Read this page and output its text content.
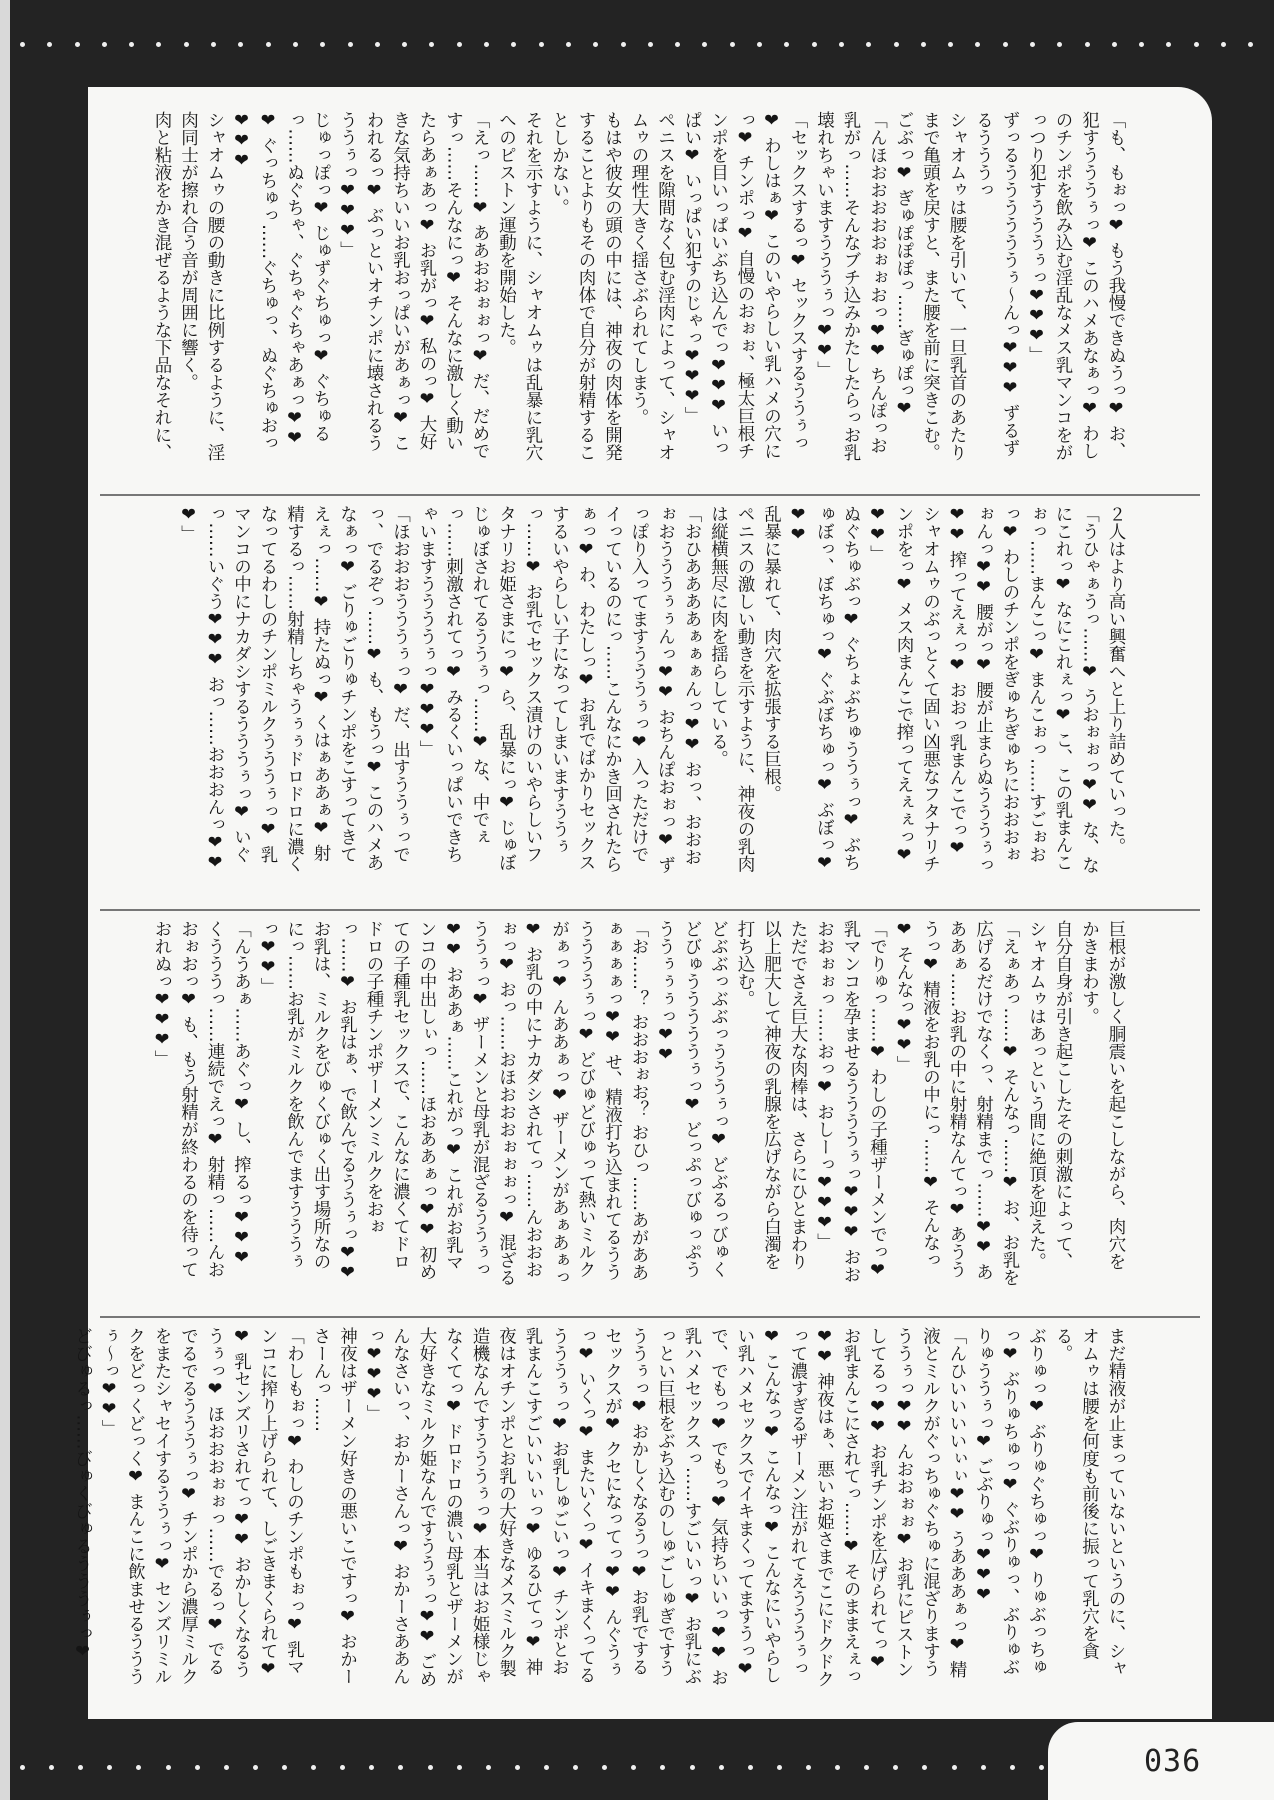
「も、もぉっ❤ もう我慢できぬうっ❤ お、犯すうううぅっ❤ このハメあなぁっ❤ わしのチンポを飲み込む淫乱なメス乳マンコをがっつり犯すうううぅっ❤❤❤」
ずっるううううううぅ〜んっ❤❤❤ ずるずるうううっ
シャオムゥは腰を引いて、一旦乳首のあたりまで亀頭を戻すと、また腰を前に突きこむ。
ごぶっ❤ ぎゅぽぽぽっ……ぎゅぽっ❤
「んほおおおおおぉぉおっ❤❤ ちんぽっお乳がっ……そんなブチ込みかたしたらっお乳壊れちゃいますうううぅっ❤❤」
「セックスするっ❤ セックスするううぅっ❤ わしはぁ❤ このいやらしい乳ハメの穴にっ❤ チンポっ❤ 自慢のおぉぉ、極太巨根チンポを目いっぱいぶち込んでっ❤❤❤ いっぱい❤ いっぱい犯すのじゃっ❤❤❤」
ペニスを隙間なく包む淫肉によって、シャオムゥの理性大きく揺さぶられてしまう。
もはや彼女の頭の中には、神夜の肉体を開発することよりもその肉体で自分が射精することしかない。
それを示すように、シャオムゥは乱暴に乳穴へのピストン運動を開始した。
「えっ……❤ ああおおぉぉっ❤ だ、だめですっ……そんなにっ❤ そんなに激しく動いたらあぁあっ❤ お乳がっ❤ 私のっ❤ 大好きな気持ちいいお乳おっぱいがあぁっ❤ こわれるっ❤ ぶっといオチンポに壊されるうううぅっ❤❤❤」
じゅっぽっ❤ じゅずぐちゅっ❤ ぐちゅるっ……ぬぐちゃ、ぐちゃぐちゃあぁっ❤❤❤ ぐっちゅっ……ぐちゅっ、ぬぐちゅおっ❤❤❤
シャオムゥの腰の動きに比例するように、淫肉同士が擦れ合う音が周囲に響く。
肉と粘液をかき混ぜるような下品なそれに、

２人はより高い興奮へと上り詰めていった。
「うひゃぁうっ……❤ うおぉぉっ❤❤ な、なにこれっ❤ なにこれぇっ❤ こ、この乳まんこぉっ……まんこっ❤ まんこぉっ……すごぉおっ❤ わしのチンポをぎゅちぎゅちにおおおぉぉんっ❤❤ 腰がっ❤ 腰が止まらぬうううぅっ❤❤ 搾ってえぇっ❤ おおっ乳まんこでっ❤ シャオムゥのぶっとくて固い凶悪なフタナリチンポをっ❤ メス肉まんこで搾ってえぇぇっ❤❤❤」
ぬぐちゅぶっ❤ ぐちょぶちゅううぅっ❤ ぶちゅぼっ、ぼちゅっ❤ ぐぶぼちゅっ❤ ぶぼっ❤❤❤
乱暴に暴れて、肉穴を拡張する巨根。
ペニスの激しい動きを示すように、神夜の乳肉は縦横無尽に肉を揺らしている。
「おひああああぁぁぁんっ❤❤ おっ、おおおぉおうううぅぅんっ❤❤ おちんぽおぉっ❤ ずっぽり入ってますうううぅっ❤ 入っただけでイっているのにっ……こんなにかき回されたらぁっ❤ わ、わたしっ❤ お乳でばかりセックスするいやらしい子になってしまいますううぅっ……❤ お乳でセックス漬けのいやらしいフタナリお姫さまにっ❤ ら、乱暴にっ❤ じゅぼじゅぼされてるううぅっ……❤ な、中でぇっ……刺激されてっ❤ みるくいっぱいできちゃいますううううぅっ❤❤❤」
「ほおおおうううぅっ❤ だ、出すううぅっでっ、でるぞっ……❤ も、もうっ❤ このハメあなぁっ❤ ごりゅごりゅチンポをこすってきてえぇっ……❤ 持たぬっ❤ くはぁああぁ❤ 射精するっ……射精しちゃうぅぅドロドロに濃くなってるわしのチンポミルクうううぅっ❤ 乳マンコの中にナカダシするうううぅっ❤ いぐっ……いぐう❤❤❤ おっ……おおおんっ❤❤❤」

巨根が激しく胴震いを起こしながら、肉穴をかきまわす。
自分自身が引き起こしたその刺激によって、シャオムゥはあっという間に絶頂を迎えた。
「えぁあっ……❤ そんなっ……❤ お、お乳を広げるだけでなくっ、射精までっ……❤❤ あああぁ……お乳の中に射精なんてっ❤ あうううっ❤ 精液をお乳の中にっ……❤ そんなっ❤ そんなっ❤❤」
「でりゅっ……❤ わしの子種ザーメンでっ❤ 乳マンコを孕ませるううううぅっ❤❤❤ おおおおぉぉっ……おっ❤ おしーっ❤❤❤」
ただでさえ巨大な肉棒は、さらにひとまわり以上肥大して神夜の乳腺を広げながら白濁を打ち込む。
どぶぶっぶぶっうううぅっ❤ どぶるっびゅくどびゅうううううぅっ❤ どっぷっびゅっぷうううぅぅぅっ❤❤
「お……？ おおおぉお？ おひっ……あがああぁぁぁぁっ❤❤ せ、精液打ち込まれてるううううううぅっ❤ どびゅどびゅって熱いミルクがぁっ❤ んああぁっ❤ ザーメンがあぁあぁっ❤ お乳の中にナカダシされてっ……んおおおぉっ❤ おっ……おほおおおぉぉぉっ❤ 混ざるううぅっ❤ ザーメンと母乳が混ざるううぅっ❤❤ おああぁ……これがっ❤ これがお乳マンコの中出しぃっ……ほおああぁっ❤❤ 初めての子種乳セックスで、こんなに濃くてドロドロの子種チンポザーメンミルクをおぉっ……❤ お乳はぁ、で飲んでるううぅっ❤❤ お乳は、ミルクをびゅくびゅく出す場所なのにっ……お乳がミルクを飲んでますうううぅっ❤❤」
「んうあぁ……あぐっ❤ し、搾るっ❤❤❤ くうううっ……連続でえっ❤ 射精っ……んおおぉおっ❤ も、もう射精が終わるのを待っておれぬっ❤❤❤」

まだ精液が止まっていないというのに、シャオムゥは腰を何度も前後に振って乳穴を貪る。
ぶりゅっ❤ ぶりゅぐちゅっ❤ りゅぶっちゅっ❤ ぶりゅちゅっ❤ ぐぶりゅっ、ぶりゅぶりゅううぅっ❤ ごぶりゅっ❤❤❤
「んひいいいいぃぃ❤❤ うあああぁっ❤ 精液とミルクがぐっちゅぐちゅに混ざりますうううぅっ❤❤ んおおぉぉ❤ お乳にピストンしてるっ❤❤ お乳チンポを広げられてっ❤ お乳まんこにされてっ……❤ そのままえぇっ❤❤ 神夜はぁ、悪いお姫さまでこにドクドクって濃すぎるザーメン注がれてえうううぅっ❤ こんなっ❤ こんなっ❤ こんなにいやらしい乳ハメセックスでイキまくってますうっ❤ で、でもっ❤ でもっ❤ 気持ちいいっ❤❤ お乳ハメセックスっ……すごいいっ❤ お乳にぶっとい巨根をぶち込むのしゅごしゅぎですうううぅっ❤ おかしくなるうっ❤ お乳でするセックスが❤ クセになってっ❤❤ んぐうぅっ❤ いくっ❤ またいくっ❤ イキまくってるうううぅっ❤ お乳しゅごいっ❤ チンポとお乳まんこすごいいいぃっ❤ ゆるひてっ❤ 神夜はオチンポとお乳の大好きなメスミルク製造機なんですうううぅっ❤ 本当はお姫様じゃなくてっ❤ ドロドロの濃い母乳とザーメンが大好きなミルク姫なんですううぅっ❤❤ ごめんなさいっ、おかーさんっ❤ おかーさああんっ❤❤❤」
神夜はザーメン好きの悪いこですっ❤ おかーさーんっ……
「わしもぉっ❤ わしのチンポもぉっ❤ 乳マンコに搾り上げられて、しごきまくられて❤❤ 乳センズリされてっ❤❤ おかしくなるううぅっ❤ ほおおおぉぉっ……でるっ❤ でるでるでるうううぅっ❤ チンポから濃厚ミルクをまたシャセイするううぅっ❤ センズリミルクをどっくどっく❤ まんこに飲ませるうううぅ〜っ❤❤」
どびゅるっ……びゅくびゅるうううぅっ❤

036
